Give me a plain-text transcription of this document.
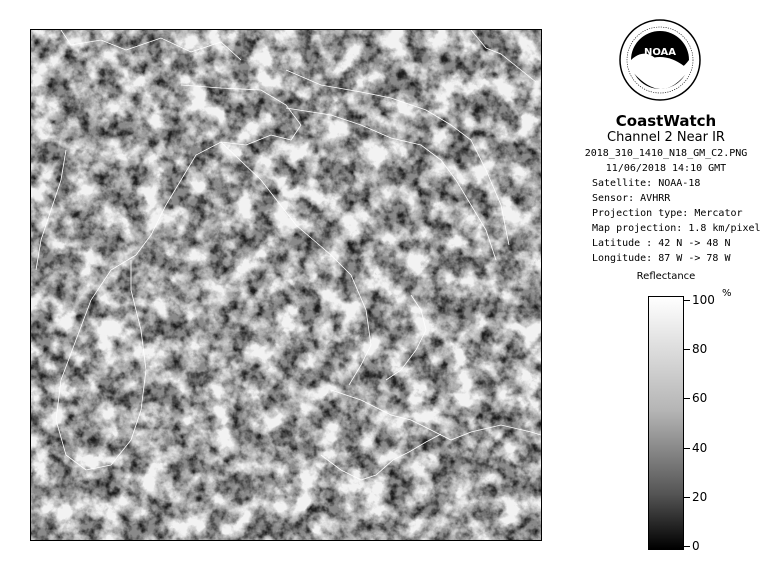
NOAA
CoastWatch
Channel 2 Near IR
2018_310_1410_N18_GM_C2.PNG
11/06/2018 14:10 GMT
Satellite: NOAA-18
Sensor: AVHRR
Projection type: Mercator
Map projection: 1.8 km/pixel
Latitude : 42 N -> 48 N
Longitude: 87 W -> 78 W
Reflectance
%
100
80
60
40
20
0
